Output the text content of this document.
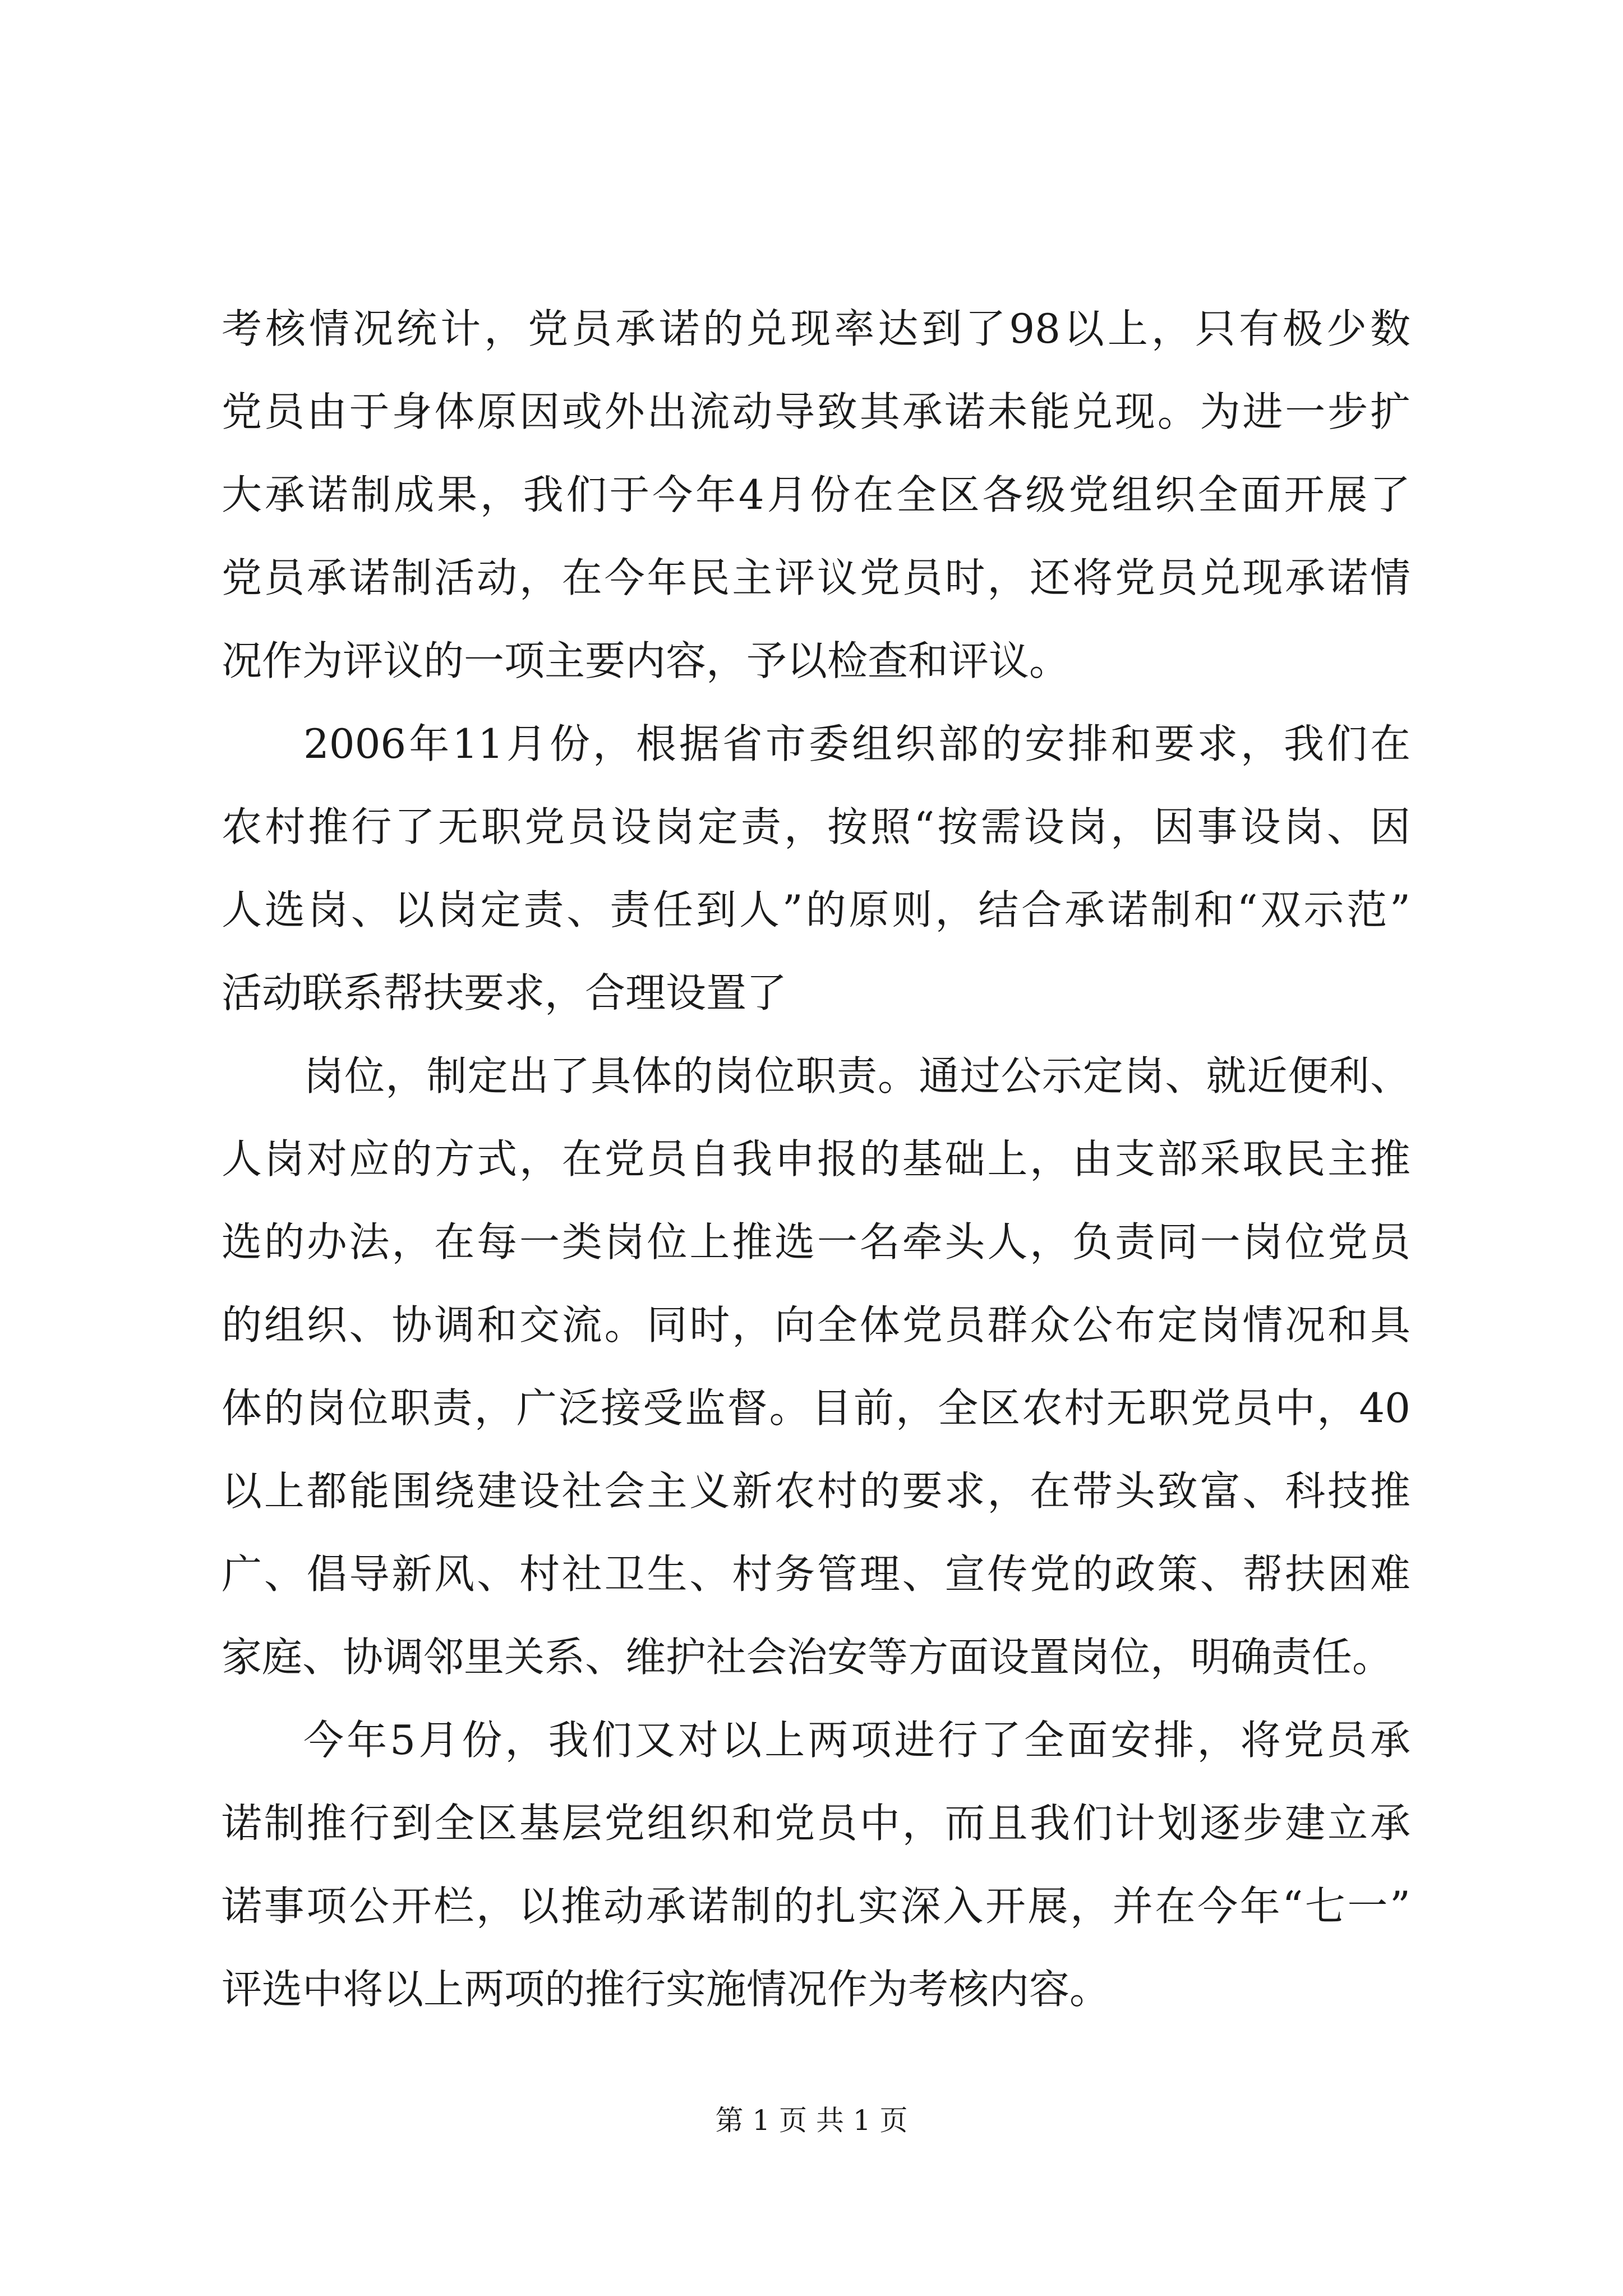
考核情况统计，党员承诺的兑现率达到了98以上，只有极少数
党员由于身体原因或外出流动导致其承诺未能兑现。为进一步扩
大承诺制成果，我们于今年4月份在全区各级党组织全面开展了
党员承诺制活动，在今年民主评议党员时，还将党员兑现承诺情
况作为评议的一项主要内容，予以检查和评议。
2006年11月份，根据省市委组织部的安排和要求，我们在
农村推行了无职党员设岗定责，按照“按需设岗，因事设岗、因
人选岗、以岗定责、责任到人”的原则，结合承诺制和“双示范”
活动联系帮扶要求，合理设置了
岗位，制定出了具体的岗位职责。通过公示定岗、就近便利、
人岗对应的方式，在党员自我申报的基础上，由支部采取民主推
选的办法，在每一类岗位上推选一名牵头人，负责同一岗位党员
的组织、协调和交流。同时，向全体党员群众公布定岗情况和具
体的岗位职责，广泛接受监督。目前，全区农村无职党员中，40
以上都能围绕建设社会主义新农村的要求，在带头致富、科技推
广、倡导新风、村社卫生、村务管理、宣传党的政策、帮扶困难
家庭、协调邻里关系、维护社会治安等方面设置岗位，明确责任。
今年5月份，我们又对以上两项进行了全面安排，将党员承
诺制推行到全区基层党组织和党员中，而且我们计划逐步建立承
诺事项公开栏，以推动承诺制的扎实深入开展，并在今年“七一”
评选中将以上两项的推行实施情况作为考核内容。
第 1 页 共 1 页
